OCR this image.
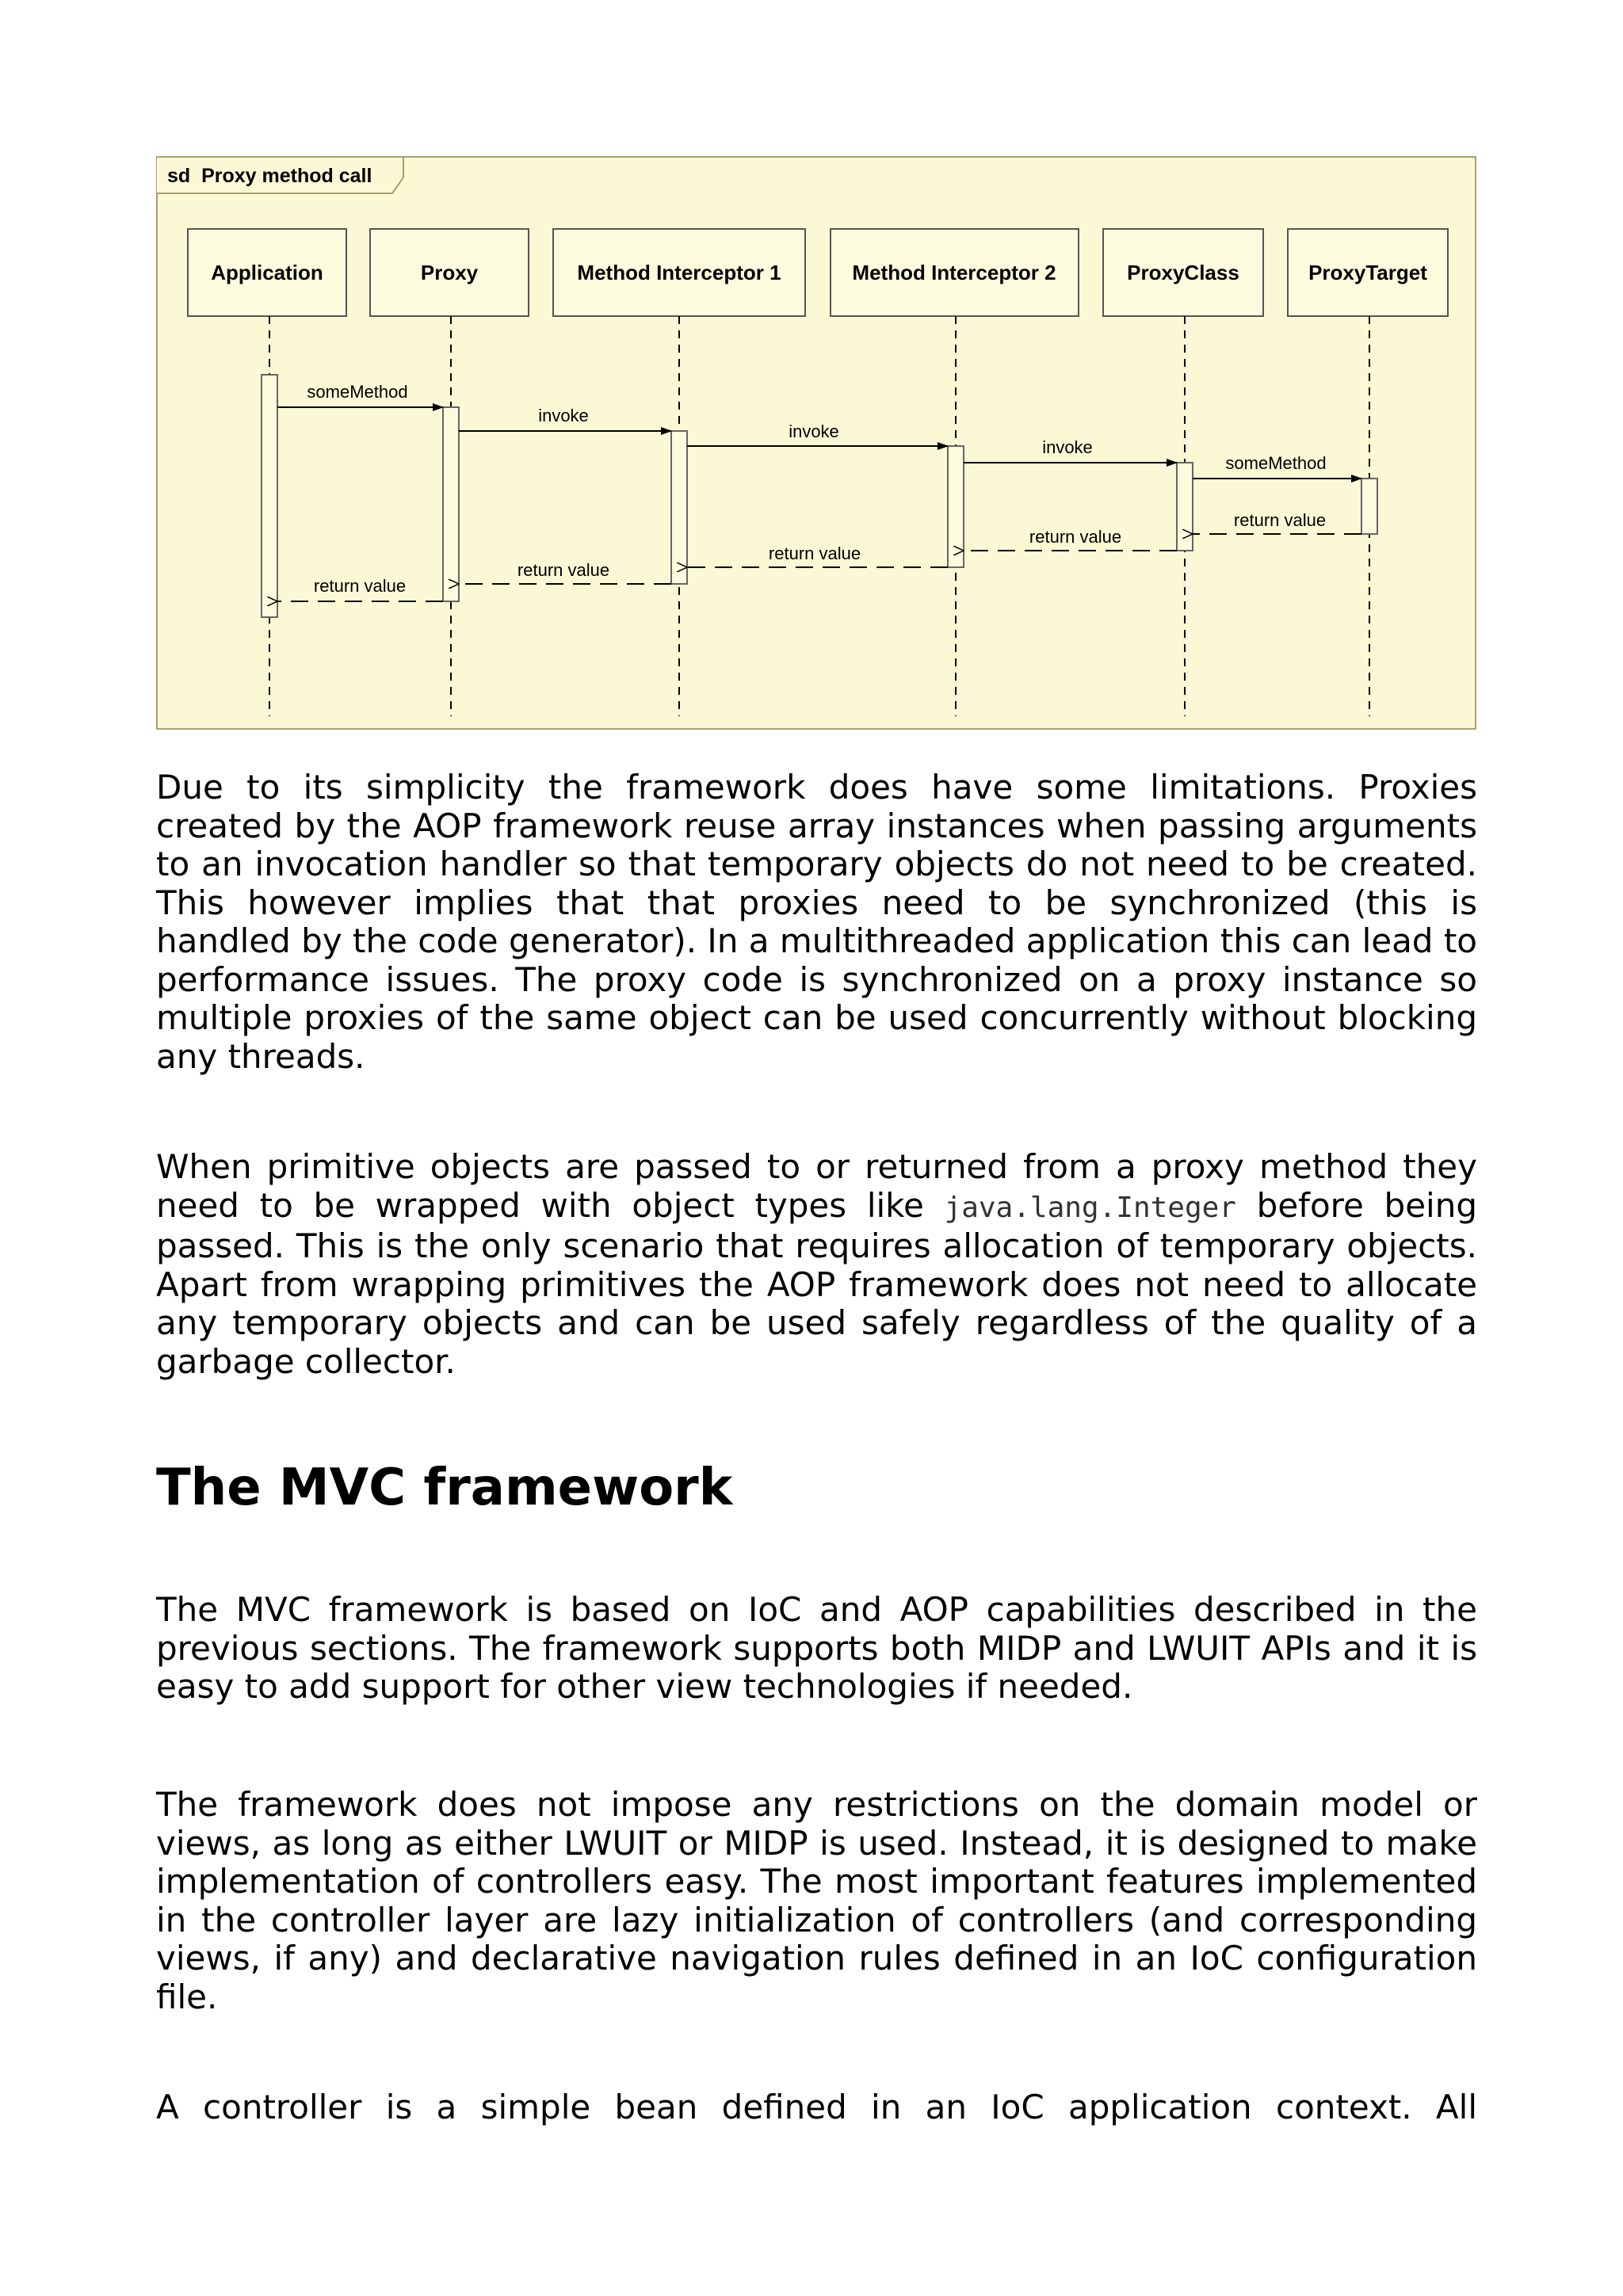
sd  Proxy method call
Application	Proxy	Method Interceptor 1	Method Interceptor 2	ProxyClass	ProxyTarget
someMethod
invoke
invoke
invoke
someMethod
return value
return value
return value
return value
return value

Due to its simplicity the framework does have some limitations. Proxies created by the AOP framework reuse array instances when passing arguments to an invocation handler so that temporary objects do not need to be created. This however implies that that proxies need to be synchronized (this is handled by the code generator). In a multithreaded application this can lead to performance issues. The proxy code is synchronized on a proxy instance so multiple proxies of the same object can be used concurrently without blocking any threads.

When primitive objects are passed to or returned from a proxy method they need to be wrapped with object types like java.lang.Integer before being passed. This is the only scenario that requires allocation of temporary objects. Apart from wrapping primitives the AOP framework does not need to allocate any temporary objects and can be used safely regardless of the quality of a garbage collector.

The MVC framework

The MVC framework is based on IoC and AOP capabilities described in the previous sections. The framework supports both MIDP and LWUIT APIs and it is easy to add support for other view technologies if needed.

The framework does not impose any restrictions on the domain model or views, as long as either LWUIT or MIDP is used. Instead, it is designed to make implementation of controllers easy. The most important features implemented in the controller layer are lazy initialization of controllers (and corresponding views, if any) and declarative navigation rules defined in an IoC configuration file.

A controller is a simple bean defined in an IoC application context. All
